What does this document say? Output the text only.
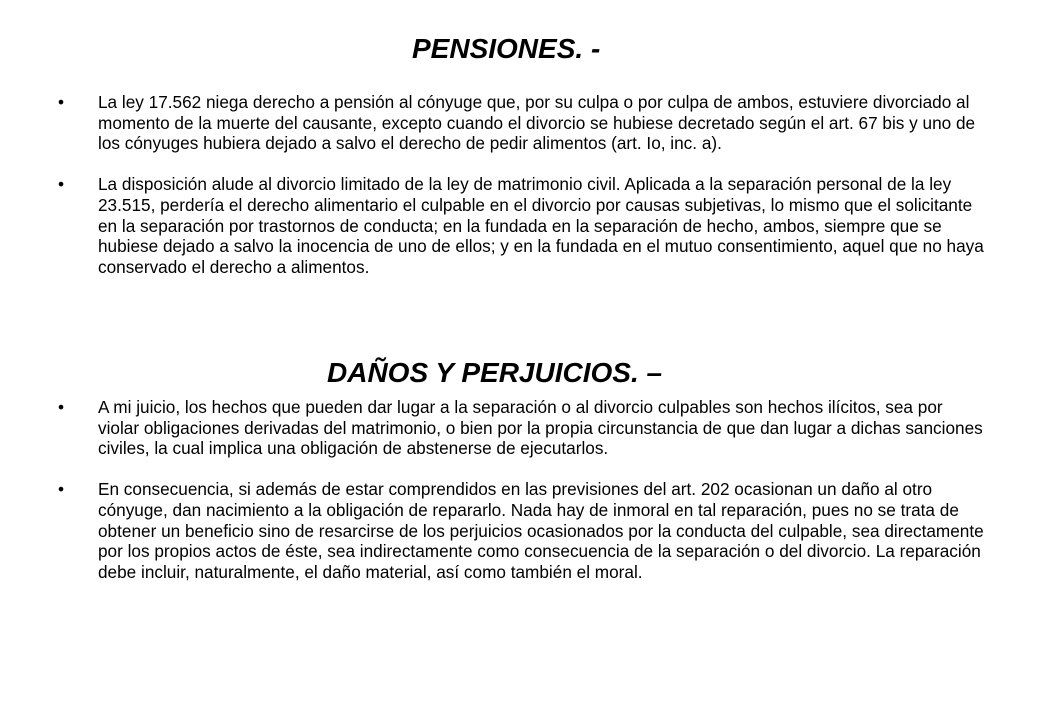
PENSIONES. -
•	La ley 17.562 niega derecho a pensión al cónyuge que, por su culpa o por culpa de ambos, estuviere divorciado al momento de la muerte del causante, excepto cuando el divorcio se hubiese decretado según el art. 67 bis y uno de los cónyuges hubiera dejado a salvo el derecho de pedir alimentos (art. Io, inc. a).
•	La disposición alude al divorcio limitado de la ley de matrimonio civil. Aplicada a la separación personal de la ley 23.515, perdería el derecho alimentario el culpable en el divorcio por causas subjetivas, lo mismo que el solicitante en la separación por trastornos de conducta; en la fundada en la separación de hecho, ambos, siempre que se hubiese dejado a salvo la inocencia de uno de ellos; y en la fundada en el mutuo consentimiento, aquel que no haya conservado el derecho a alimentos.
DAÑOS Y PERJUICIOS. –
•	A mi juicio, los hechos que pueden dar lugar a la separación o al divorcio culpables son hechos ilícitos, sea por violar obligaciones derivadas del matrimonio, o bien por la propia circunstancia de que dan lugar a dichas sanciones civiles, la cual implica una obligación de abstenerse de ejecutarlos.
•	En consecuencia, si además de estar comprendidos en las previsiones del art. 202 ocasionan un daño al otro cónyuge, dan nacimiento a la obligación de repararlo. Nada hay de inmoral en tal reparación, pues no se trata de obtener un beneficio sino de resarcirse de los perjuicios ocasionados por la conducta del culpable, sea directamente por los propios actos de éste, sea indirectamente como consecuencia de la separación o del divorcio. La reparación debe incluir, naturalmente, el daño material, así como también el moral.
